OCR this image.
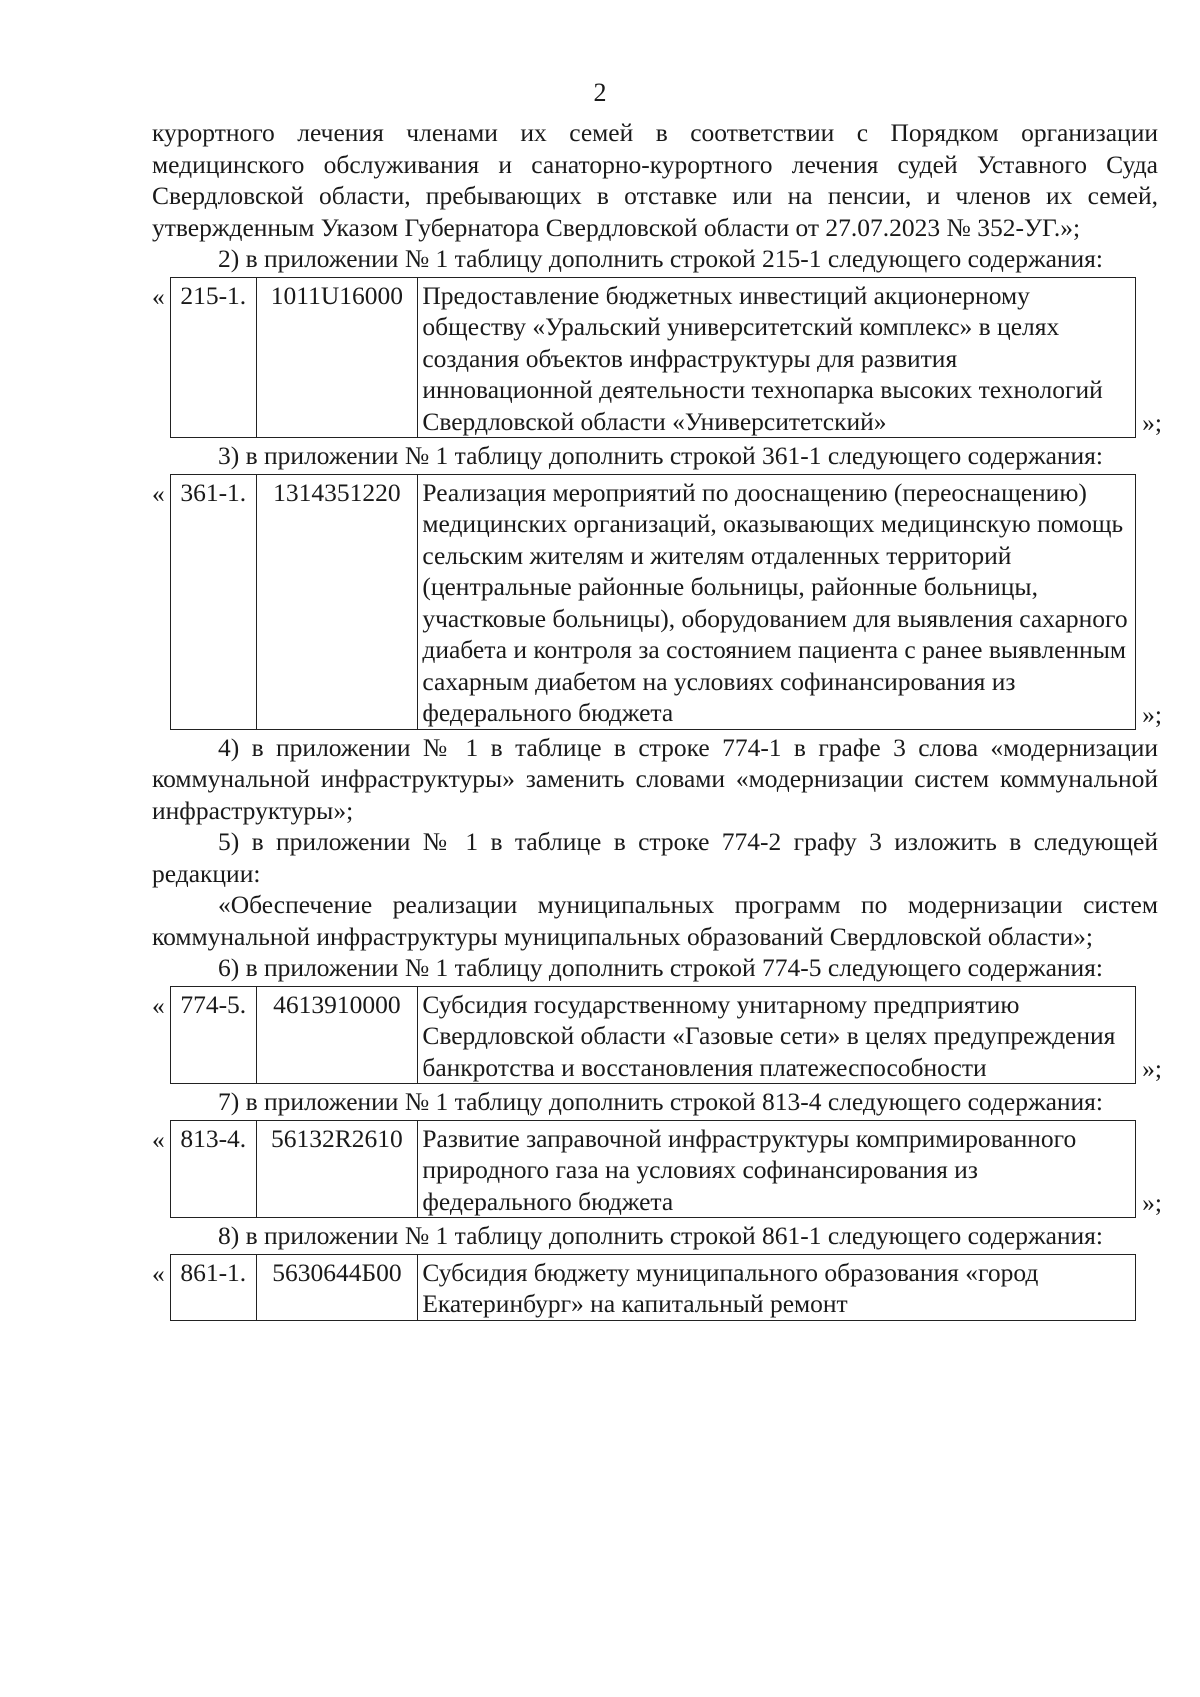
2

курортного лечения членами их семей в соответствии с Порядком организации медицинского обслуживания и санаторно-курортного лечения судей Уставного Суда Свердловской области, пребывающих в отставке или на пенсии, и членов их семей, утвержденным Указом Губернатора Свердловской области от 27.07.2023 № 352-УГ.»;

2) в приложении № 1 таблицу дополнить строкой 215-1 следующего содержания:

« 215-1.	1011U16000	Предоставление бюджетных инвестиций акционерному обществу «Уральский университетский комплекс» в целях создания объектов инфраструктуры для развития инновационной деятельности технопарка высоких технологий Свердловской области «Университетский»	»;

3) в приложении № 1 таблицу дополнить строкой 361-1 следующего содержания:

« 361-1.	1314351220	Реализация мероприятий по дооснащению (переоснащению) медицинских организаций, оказывающих медицинскую помощь сельским жителям и жителям отдаленных территорий (центральные районные больницы, районные больницы, участковые больницы), оборудованием для выявления сахарного диабета и контроля за состоянием пациента с ранее выявленным сахарным диабетом на условиях софинансирования из федерального бюджета	»;

4) в приложении № 1 в таблице в строке 774-1 в графе 3 слова «модернизации коммунальной инфраструктуры» заменить словами «модернизации систем коммунальной инфраструктуры»;

5) в приложении № 1 в таблице в строке 774-2 графу 3 изложить в следующей редакции:

«Обеспечение реализации муниципальных программ по модернизации систем коммунальной инфраструктуры муниципальных образований Свердловской области»;

6) в приложении № 1 таблицу дополнить строкой 774-5 следующего содержания:

« 774-5.	4613910000	Субсидия государственному унитарному предприятию Свердловской области «Газовые сети» в целях предупреждения банкротства и восстановления платежеспособности	»;

7) в приложении № 1 таблицу дополнить строкой 813-4 следующего содержания:

« 813-4.	56132R2610	Развитие заправочной инфраструктуры компримированного природного газа на условиях софинансирования из федерального бюджета	»;

8) в приложении № 1 таблицу дополнить строкой 861-1 следующего содержания:

« 861-1.	5630644Б00	Субсидия бюджету муниципального образования «город Екатеринбург» на капитальный ремонт
